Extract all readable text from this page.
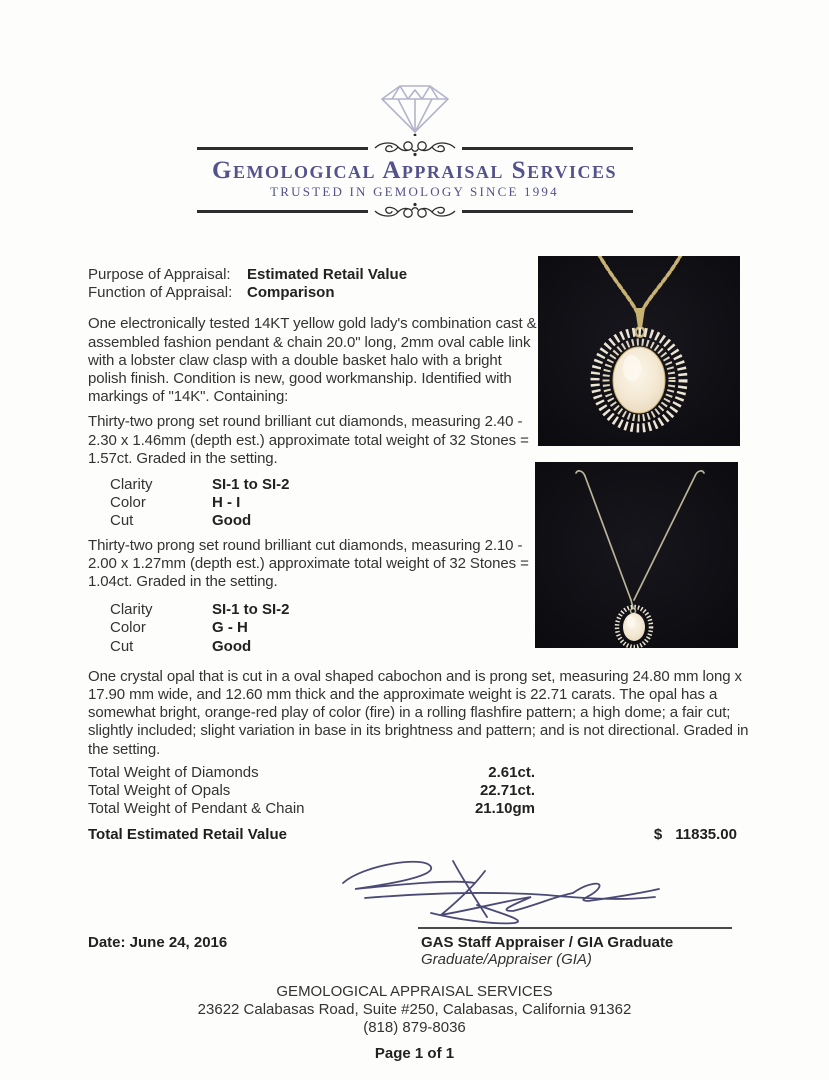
Gemological Appraisal Services
TRUSTED IN GEMOLOGY SINCE 1994
Purpose of Appraisal:	Estimated Retail Value
Function of Appraisal: Comparison

One electronically tested 14KT yellow gold lady's combination cast & assembled fashion pendant & chain 20.0" long, 2mm oval cable link with a lobster claw clasp with a double basket halo with a bright polish finish. Condition is new, good workmanship. Identified with markings of "14K". Containing:

Thirty-two prong set round brilliant cut diamonds, measuring 2.40 - 2.30 x 1.46mm (depth est.) approximate total weight of 32 Stones = 1.57ct. Graded in the setting.

Clarity	SI-1 to SI-2
Color	H - I
Cut	Good

Thirty-two prong set round brilliant cut diamonds, measuring 2.10 - 2.00 x 1.27mm (depth est.) approximate total weight of 32 Stones = 1.04ct. Graded in the setting.

Clarity	SI-1 to SI-2
Color	G - H
Cut	Good

One crystal opal that is cut in a oval shaped cabochon and is prong set, measuring 24.80 mm long x 17.90 mm wide, and 12.60 mm thick and the approximate weight is 22.71 carats. The opal has a somewhat bright, orange-red play of color (fire) in a rolling flashfire pattern; a high dome; a fair cut; slightly included; slight variation in base in its brightness and pattern; and is not directional. Graded in the setting.

Total Weight of Diamonds	2.61ct.
Total Weight of Opals	22.71ct.
Total Weight of Pendant & Chain	21.10gm
Total Estimated Retail Value	$ 11835.00
Date: June 24, 2016	GAS Staff Appraiser / GIA Graduate
Graduate/Appraiser (GIA)
GEMOLOGICAL APPRAISAL SERVICES
23622 Calabasas Road, Suite #250, Calabasas, California 91362
(818) 879-8036
Page 1 of 1
